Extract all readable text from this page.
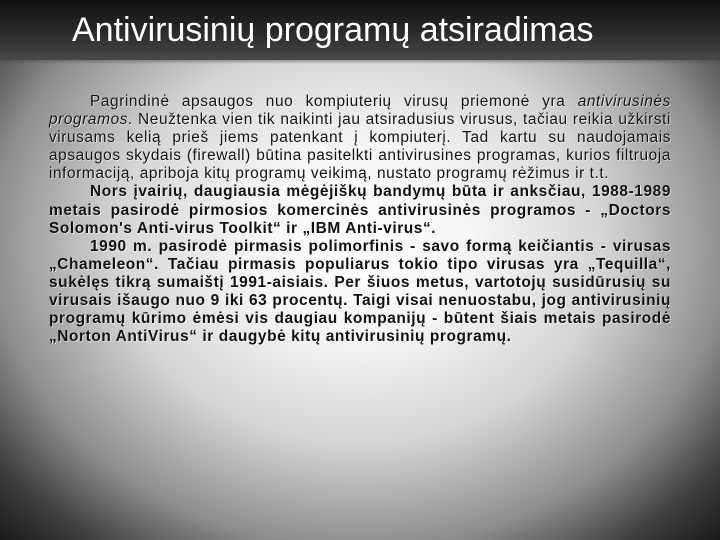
Antivirusinių programų atsiradimas

Pagrindinė apsaugos nuo kompiuterių virusų priemonė yra antivirusinės programos. Neužtenka vien tik naikinti jau atsiradusius virusus, tačiau reikia užkirsti virusams kelią prieš jiems patenkant į kompiuterį. Tad kartu su naudojamais apsaugos skydais (firewall) būtina pasitelkti antivirusines programas, kurios filtruoja informaciją, apriboja kitų programų veikimą, nustato programų rėžimus ir t.t.

Nors įvairių, daugiausia mėgėjiškų bandymų būta ir anksčiau, 1988-1989 metais pasirodė pirmosios komercinės antivirusinės programos - „Doctors Solomon's Anti-virus Toolkit“ ir „IBM Anti-virus“.

1990 m. pasirodė pirmasis polimorfinis - savo formą keičiantis - virusas „Chameleon“. Tačiau pirmasis populiarus tokio tipo virusas yra „Tequilla“, sukėlęs tikrą sumaištį 1991-aisiais. Per šiuos metus, vartotojų susidūrusių su virusais išaugo nuo 9 iki 63 procentų. Taigi visai nenuostabu, jog antivirusinių programų kūrimo ėmėsi vis daugiau kompanijų - būtent šiais metais pasirodė „Norton AntiVirus“ ir daugybė kitų antivirusinių programų.
